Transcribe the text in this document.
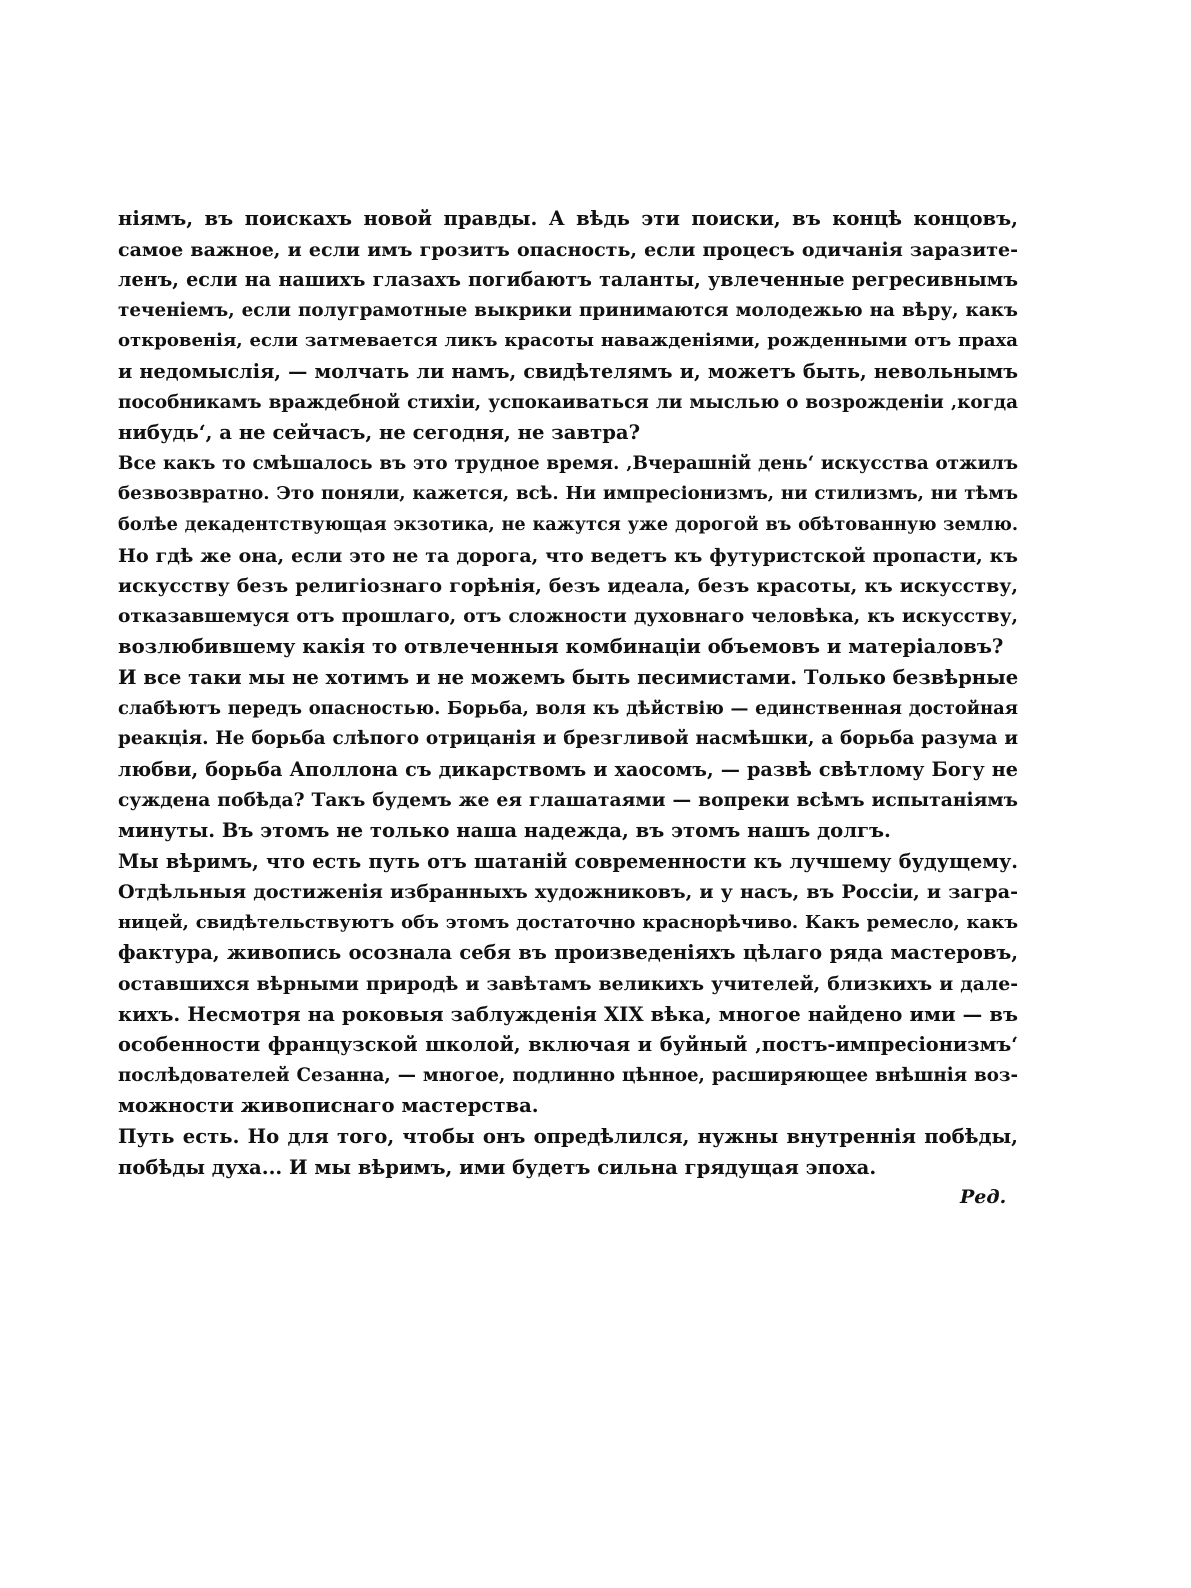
ніямъ, въ поискахъ новой правды. А вѣдь эти поиски, въ концѣ концовъ,
самое важное, и если имъ грозитъ опасность, если процесъ одичанія заразите-
ленъ, если на нашихъ глазахъ погибаютъ таланты, увлеченные регресивнымъ
теченіемъ, если полуграмотные выкрики принимаются молодежью на вѣру, какъ
откровенія, если затмевается ликъ красоты наважденіями, рожденными отъ праха
и недомыслія, — молчать ли намъ, свидѣтелямъ и, можетъ быть, невольнымъ
пособникамъ враждебной стихіи, успокаиваться ли мыслью о возрожденіи ‚когда
нибудь‘, а не сейчасъ, не сегодня, не завтра?
Все какъ то смѣшалось въ это трудное время. ‚Вчерашній день‘ искусства отжилъ
безвозвратно. Это поняли, кажется, всѣ. Ни импресіонизмъ, ни стилизмъ, ни тѣмъ
болѣе декадентствующая экзотика, не кажутся уже дорогой въ обѣтованную землю.
Но гдѣ же она, если это не та дорога, что ведетъ къ футуристской пропасти, къ
искусству безъ религіознаго горѣнія, безъ идеала, безъ красоты, къ искусству,
отказавшемуся отъ прошлаго, отъ сложности духовнаго человѣка, къ искусству,
возлюбившему какія то отвлеченныя комбинаціи объемовъ и матеріаловъ?
И все таки мы не хотимъ и не можемъ быть песимистами. Только безвѣрные
слабѣютъ передъ опасностью. Борьба, воля къ дѣйствію — единственная достойная
реакція. Не борьба слѣпого отрицанія и брезгливой насмѣшки, а борьба разума и
любви, борьба Аполлона съ дикарствомъ и хаосомъ, — развѣ свѣтлому Богу не
суждена побѣда? Такъ будемъ же ея глашатаями — вопреки всѣмъ испытаніямъ
минуты. Въ этомъ не только наша надежда, въ этомъ нашъ долгъ.
Мы вѣримъ, что есть путь отъ шатаній современности къ лучшему будущему.
Отдѣльныя достиженія избранныхъ художниковъ, и у насъ, въ Россіи, и загра-
ницей, свидѣтельствуютъ объ этомъ достаточно краснорѣчиво. Какъ ремесло, какъ
фактура, живопись осознала себя въ произведеніяхъ цѣлаго ряда мастеровъ,
оставшихся вѣрными природѣ и завѣтамъ великихъ учителей, близкихъ и дале-
кихъ. Несмотря на роковыя заблужденія XIX вѣка, многое найдено ими — въ
особенности французской школой, включая и буйный ‚постъ-импресіонизмъ‘
послѣдователей Сезанна, — многое, подлинно цѣнное, расширяющее внѣшнія воз-
можности живописнаго мастерства.
Путь есть. Но для того, чтобы онъ опредѣлился, нужны внутреннія побѣды,
побѣды духа... И мы вѣримъ, ими будетъ сильна грядущая эпоха.
Ред.
